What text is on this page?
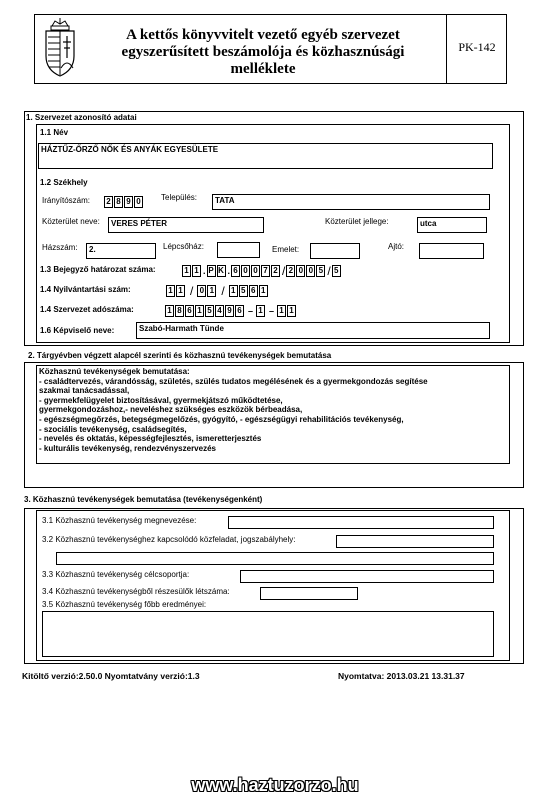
A kettős könyvvitelt vezető egyéb szervezet
egyszerűsített beszámolója és közhasznúsági melléklete
PK-142
1. Szervezet azonosító adatai
1.1 Név
HÁZTŰZ-ŐRZŐ NŐK ÉS ANYÁK EGYESÜLETE
1.2 Székhely
Irányítószám: 2 8 9 0	Település: TATA
Közterület neve: VERES PÉTER	Közterület jellege:	utca
Házszám: 2.	Lépcsőház:	Emelet:	Ajtó:
1.3 Bejegyző határozat száma:	1 1 . P K . 6 0 0 7 2 / 2 0 0 5 / 5
1.4 Nyilvántartási szám:	1 1 / 0 1 / 1 5 6 1
1.4 Szervezet adószáma:	1 8 6 1 5 4 9 6 – 1 – 1 1
1.6 Képviselő neve:	Szabó-Harmath Tünde
2. Tárgyévben végzett alapcél szerinti és közhasznú tevékenységek bemutatása
Közhasznú tevékenységek bemutatása:
- családtervezés, várandósság, születés, szülés tudatos megélésének és a gyermekgondozás segítése
szakmai tanácsadással,
- gyermekfelügyelet biztosításával, gyermekjátszó működtetése,
gyermekgondozáshoz,- neveléshez szükséges eszközök bérbeadása,
- egészségmegőrzés, betegségmegelőzés, gyógyító, - egészségügyi rehabilitációs tevékenység,
- szociális tevékenység, családsegítés,
- nevelés és oktatás, képességfejlesztés, ismeretterjesztés
- kulturális tevékenység, rendezvényszervezés
3. Közhasznú tevékenységek bemutatása (tevékenységenként)
3.1 Közhasznú tevékenység megnevezése:
3.2 Közhasznú tevékenységhez kapcsolódó közfeladat, jogszabályhely:
3.3 Közhasznú tevékenység célcsoportja:
3.4 Közhasznú tevékenységből részesülők létszáma:
3.5 Közhasznú tevékenység főbb eredményei:
Kitöltő verzió:2.50.0 Nyomtatvány verzió:1.3	Nyomtatva: 2013.03.21 13.31.37
www.haztuzorzo.hu
